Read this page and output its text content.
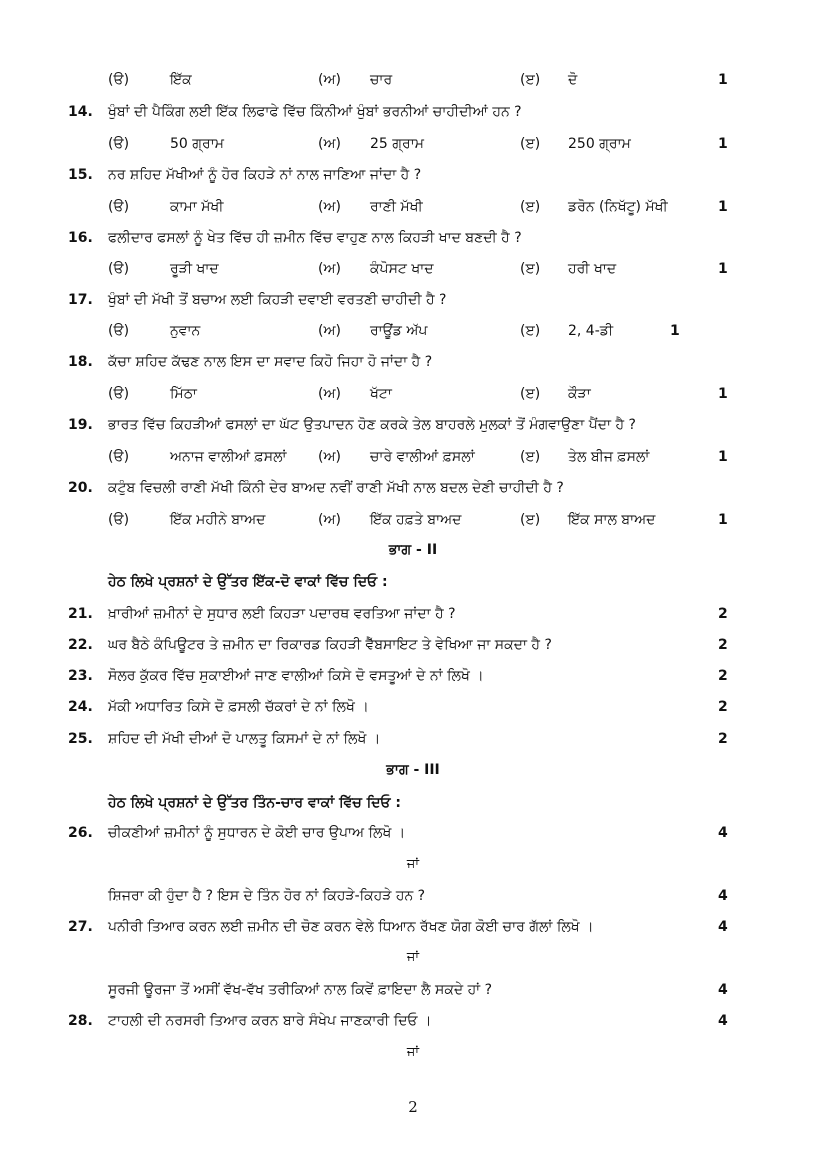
(ੳ)	ਇੱਕ	(ਅ) ਚਾਰ	(ੲ) ਦੋ	1
14. ਖੁੰਬਾਂ ਦੀ ਪੈਕਿੰਗ ਲਈ ਇੱਕ ਲਿਫਾਫੇ ਵਿੱਚ ਕਿੰਨੀਆਂ ਖੁੰਬਾਂ ਭਰਨੀਆਂ ਚਾਹੀਦੀਆਂ ਹਨ ?
(ੳ)	50 ਗ੍ਰਾਮ	(ਅ) 25 ਗ੍ਰਾਮ	(ੲ) 250 ਗ੍ਰਾਮ	1
15. ਨਰ ਸ਼ਹਿਦ ਮੱਖੀਆਂ ਨੂੰ ਹੋਰ ਕਿਹੜੇ ਨਾਂ ਨਾਲ ਜਾਣਿਆ ਜਾਂਦਾ ਹੈ ?
(ੳ)	ਕਾਮਾ ਮੱਖੀ	(ਅ) ਰਾਣੀ ਮੱਖੀ	(ੲ) ਡਰੋਨ (ਨਿਖੱਟੂ) ਮੱਖੀ	1
16. ਫਲੀਦਾਰ ਫਸਲਾਂ ਨੂੰ ਖੇਤ ਵਿੱਚ ਹੀ ਜ਼ਮੀਨ ਵਿੱਚ ਵਾਹੁਣ ਨਾਲ ਕਿਹੜੀ ਖਾਦ ਬਣਦੀ ਹੈ ?
(ੳ)	ਰੂੜੀ ਖਾਦ	(ਅ) ਕੰਪੋਸਟ ਖਾਦ	(ੲ) ਹਰੀ ਖਾਦ	1
17. ਖੁੰਬਾਂ ਦੀ ਮੱਖੀ ਤੋਂ ਬਚਾਅ ਲਈ ਕਿਹੜੀ ਦਵਾਈ ਵਰਤਣੀ ਚਾਹੀਦੀ ਹੈ ?
(ੳ)	ਨੁਵਾਨ	(ਅ) ਰਾਊਂਡ ਅੱਪ	(ੲ) 2, 4-ਡੀ	1
18. ਕੱਚਾ ਸ਼ਹਿਦ ਕੱਢਣ ਨਾਲ ਇਸ ਦਾ ਸਵਾਦ ਕਿਹੋ ਜਿਹਾ ਹੋ ਜਾਂਦਾ ਹੈ ?
(ੳ)	ਮਿੱਠਾ	(ਅ) ਖੱਟਾ	(ੲ) ਕੌੜਾ	1
19. ਭਾਰਤ ਵਿੱਚ ਕਿਹੜੀਆਂ ਫਸਲਾਂ ਦਾ ਘੱਟ ਉਤਪਾਦਨ ਹੋਣ ਕਰਕੇ ਤੇਲ ਬਾਹਰਲੇ ਮੁਲਕਾਂ ਤੋਂ ਮੰਗਵਾਉਣਾ ਪੈਂਦਾ ਹੈ ?
(ੳ)	ਅਨਾਜ ਵਾਲੀਆਂ ਫ਼ਸਲਾਂ (ਅ) ਚਾਰੇ ਵਾਲੀਆਂ ਫ਼ਸਲਾਂ	(ੲ) ਤੇਲ ਬੀਜ ਫ਼ਸਲਾਂ	1
20. ਕਟੁੰਬ ਵਿਚਲੀ ਰਾਣੀ ਮੱਖੀ ਕਿੰਨੀ ਦੇਰ ਬਾਅਦ ਨਵੀਂ ਰਾਣੀ ਮੱਖੀ ਨਾਲ ਬਦਲ ਦੇਣੀ ਚਾਹੀਦੀ ਹੈ ?
(ੳ)	ਇੱਕ ਮਹੀਨੇ ਬਾਅਦ	(ਅ) ਇੱਕ ਹਫ਼ਤੇ ਬਾਅਦ	(ੲ) ਇੱਕ ਸਾਲ ਬਾਅਦ	1
ਭਾਗ - II
ਹੇਠ ਲਿਖੇ ਪ੍ਰਸ਼ਨਾਂ ਦੇ ਉੱਤਰ ਇੱਕ-ਦੋ ਵਾਕਾਂ ਵਿੱਚ ਦਿਓ :
21. ਖ਼ਾਰੀਆਂ ਜ਼ਮੀਨਾਂ ਦੇ ਸੁਧਾਰ ਲਈ ਕਿਹੜਾ ਪਦਾਰਥ ਵਰਤਿਆ ਜਾਂਦਾ ਹੈ ?	2
22. ਘਰ ਬੈਠੇ ਕੰਪਿਊਟਰ ਤੇ ਜ਼ਮੀਨ ਦਾ ਰਿਕਾਰਡ ਕਿਹੜੀ ਵੈੱਬਸਾਇਟ ਤੇ ਵੇਖਿਆ ਜਾ ਸਕਦਾ ਹੈ ?	2
23. ਸੋਲਰ ਕੁੱਕਰ ਵਿੱਚ ਸੁਕਾਈਆਂ ਜਾਣ ਵਾਲੀਆਂ ਕਿਸੇ ਦੋ ਵਸਤੂਆਂ ਦੇ ਨਾਂ ਲਿਖੋ ।	2
24. ਮੱਕੀ ਅਧਾਰਿਤ ਕਿਸੇ ਦੋ ਫ਼ਸਲੀ ਚੱਕਰਾਂ ਦੇ ਨਾਂ ਲਿਖੋ ।	2
25. ਸ਼ਹਿਦ ਦੀ ਮੱਖੀ ਦੀਆਂ ਦੋ ਪਾਲਤੂ ਕਿਸਮਾਂ ਦੇ ਨਾਂ ਲਿਖੋ ।	2
ਭਾਗ - III
ਹੇਠ ਲਿਖੇ ਪ੍ਰਸ਼ਨਾਂ ਦੇ ਉੱਤਰ ਤਿੰਨ-ਚਾਰ ਵਾਕਾਂ ਵਿੱਚ ਦਿਓ :
26. ਚੀਕਣੀਆਂ ਜ਼ਮੀਨਾਂ ਨੂੰ ਸੁਧਾਰਨ ਦੇ ਕੋਈ ਚਾਰ ਉਪਾਅ ਲਿਖੋ ।	4
ਜਾਂ
ਸ਼ਿਜਰਾ ਕੀ ਹੁੰਦਾ ਹੈ ? ਇਸ ਦੇ ਤਿੰਨ ਹੋਰ ਨਾਂ ਕਿਹੜੇ-ਕਿਹੜੇ ਹਨ ?	4
27. ਪਨੀਰੀ ਤਿਆਰ ਕਰਨ ਲਈ ਜ਼ਮੀਨ ਦੀ ਚੋਣ ਕਰਨ ਵੇਲੇ ਧਿਆਨ ਰੱਖਣ ਯੋਗ ਕੋਈ ਚਾਰ ਗੱਲਾਂ ਲਿਖੋ ।	4
ਜਾਂ
ਸੂਰਜੀ ਊਰਜਾ ਤੋਂ ਅਸੀਂ ਵੱਖ-ਵੱਖ ਤਰੀਕਿਆਂ ਨਾਲ ਕਿਵੇਂ ਫ਼ਾਇਦਾ ਲੈ ਸਕਦੇ ਹਾਂ ?	4
28. ਟਾਹਲੀ ਦੀ ਨਰਸਰੀ ਤਿਆਰ ਕਰਨ ਬਾਰੇ ਸੰਖੇਪ ਜਾਣਕਾਰੀ ਦਿਓ ।	4
ਜਾਂ
2
